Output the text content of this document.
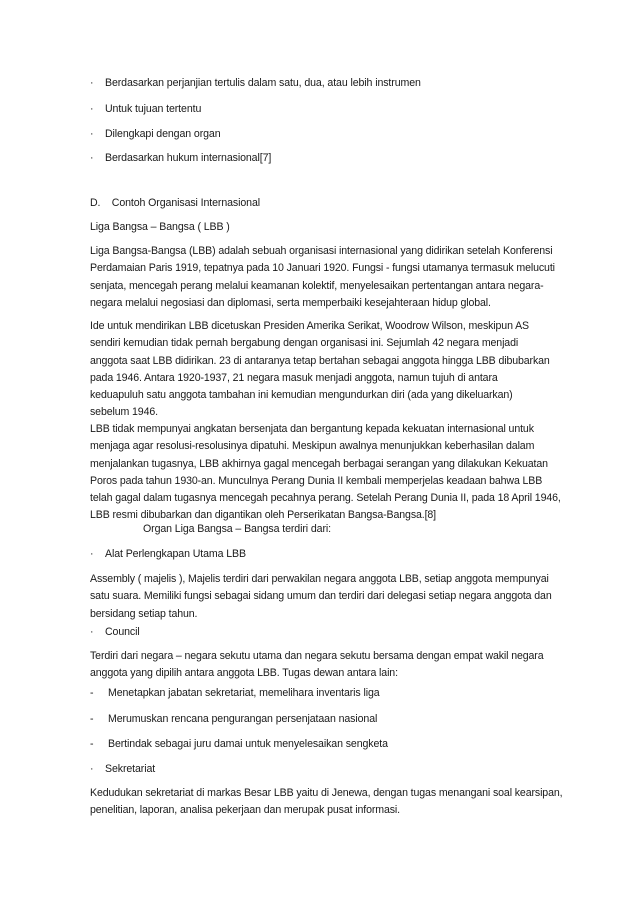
· Berdasarkan perjanjian tertulis dalam satu, dua, atau lebih instrumen
· Untuk tujuan tertentu
· Dilengkapi dengan organ
· Berdasarkan hukum internasional[7]
D.    Contoh Organisasi Internasional
Liga Bangsa – Bangsa ( LBB )
Liga Bangsa-Bangsa (LBB) adalah sebuah organisasi internasional yang didirikan setelah Konferensi
Perdamaian Paris 1919, tepatnya pada 10 Januari 1920. Fungsi - fungsi utamanya termasuk melucuti
senjata, mencegah perang melalui keamanan kolektif, menyelesaikan pertentangan antara negara-
negara melalui negosiasi dan diplomasi, serta memperbaiki kesejahteraan hidup global.
Ide untuk mendirikan LBB dicetuskan Presiden Amerika Serikat, Woodrow Wilson, meskipun AS
sendiri kemudian tidak pernah bergabung dengan organisasi ini. Sejumlah 42 negara menjadi
anggota saat LBB didirikan. 23 di antaranya tetap bertahan sebagai anggota hingga LBB dibubarkan
pada 1946. Antara 1920-1937, 21 negara masuk menjadi anggota, namun tujuh di antara
keduapuluh satu anggota tambahan ini kemudian mengundurkan diri (ada yang dikeluarkan)
sebelum 1946.
LBB tidak mempunyai angkatan bersenjata dan bergantung kepada kekuatan internasional untuk
menjaga agar resolusi-resolusinya dipatuhi. Meskipun awalnya menunjukkan keberhasilan dalam
menjalankan tugasnya, LBB akhirnya gagal mencegah berbagai serangan yang dilakukan Kekuatan
Poros pada tahun 1930-an. Munculnya Perang Dunia II kembali memperjelas keadaan bahwa LBB
telah gagal dalam tugasnya mencegah pecahnya perang. Setelah Perang Dunia II, pada 18 April 1946,
LBB resmi dibubarkan dan digantikan oleh Perserikatan Bangsa-Bangsa.[8]
Organ Liga Bangsa – Bangsa terdiri dari:
· Alat Perlengkapan Utama LBB
Assembly ( majelis ), Majelis terdiri dari perwakilan negara anggota LBB, setiap anggota mempunyai
satu suara. Memiliki fungsi sebagai sidang umum dan terdiri dari delegasi setiap negara anggota dan
bersidang setiap tahun.
· Council
Terdiri dari negara – negara sekutu utama dan negara sekutu bersama dengan empat wakil negara
anggota yang dipilih antara anggota LBB. Tugas dewan antara lain:
- Menetapkan jabatan sekretariat, memelihara inventaris liga
- Merumuskan rencana pengurangan persenjataan nasional
- Bertindak sebagai juru damai untuk menyelesaikan sengketa
· Sekretariat
Kedudukan sekretariat di markas Besar LBB yaitu di Jenewa, dengan tugas menangani soal kearsipan,
penelitian, laporan, analisa pekerjaan dan merupak pusat informasi.
